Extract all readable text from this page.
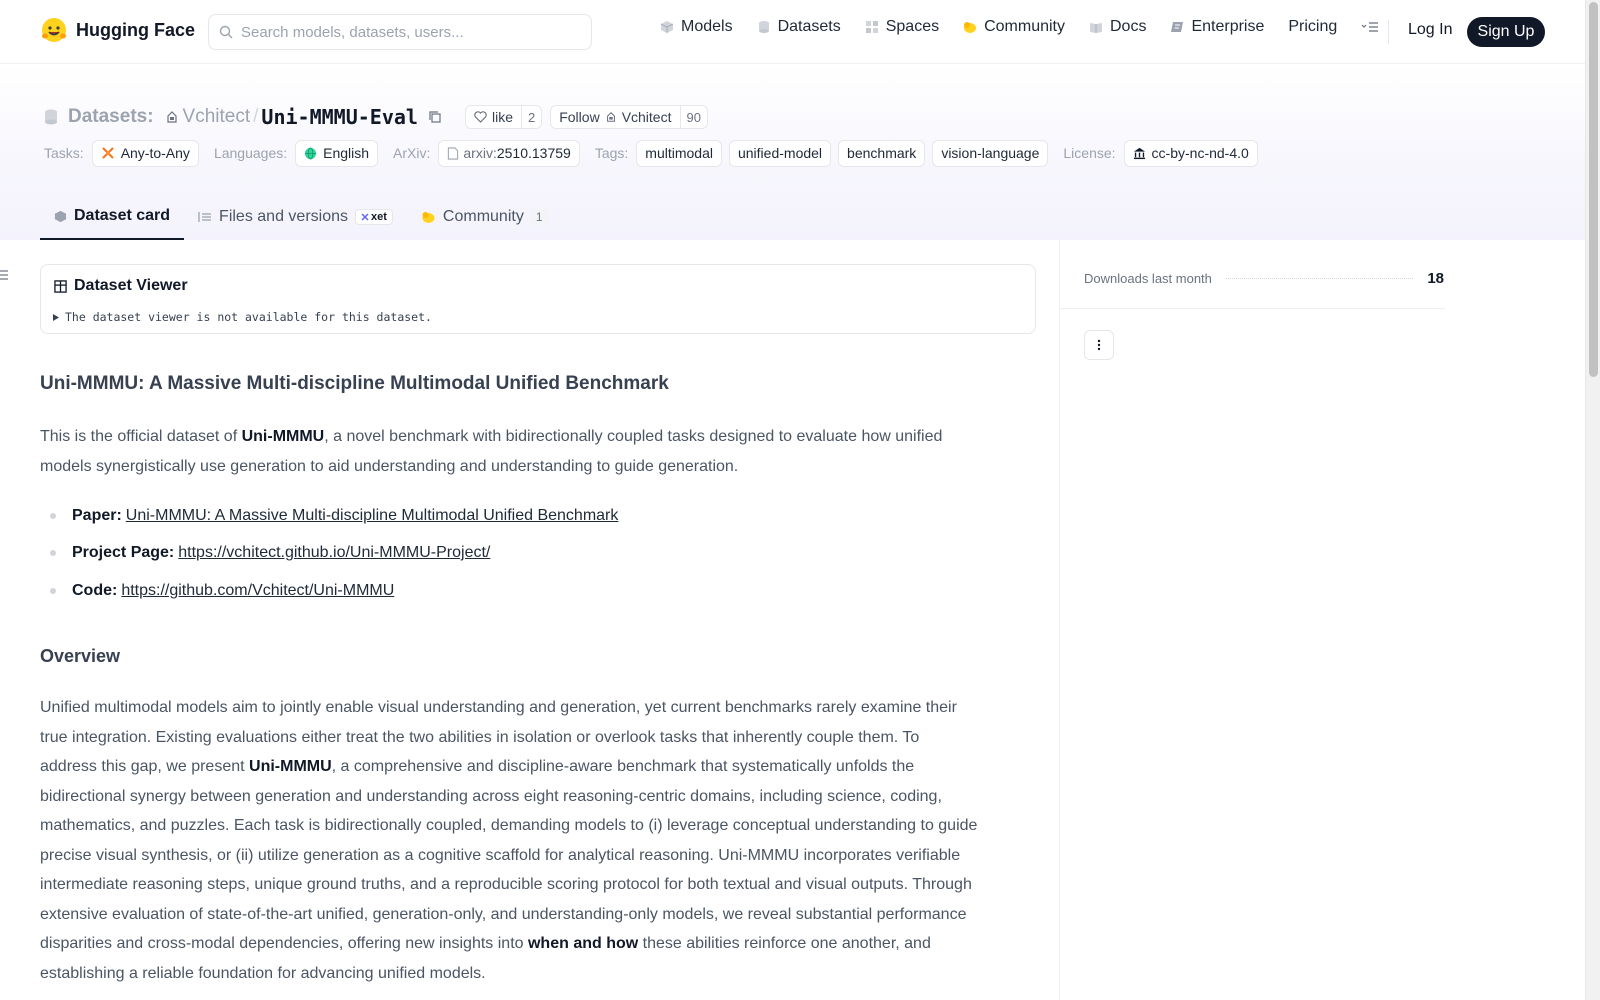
Hugging Face
Search models, datasets, users...	Models	Datasets	Spaces	Community	Docs	Enterprise Pricing	Log In	Sign Up
Datasets: Vchitect / Uni-MMMU-Eval	like	2	Follow Vchitect	90
Tasks:	Any-to-Any Languages:	English ArXiv: arxiv: 2510.13759 Tags:	multimodal	unified-model	benchmark	vision-language	License:	cc-by-nc-nd-4.0
Dataset card	Files and versions xet	Community	1
Dataset Viewer
The dataset viewer is not available for this dataset.
Uni-MMMU: A Massive Multi-discipline Multimodal Unified Benchmark
This is the official dataset of Uni-MMMU, a novel benchmark with bidirectionally coupled tasks designed to evaluate how unified models synergistically use generation to aid understanding and understanding to guide generation.
Paper: Uni-MMMU: A Massive Multi-discipline Multimodal Unified Benchmark
Project Page: https://vchitect.github.io/Uni-MMMU-Project/
Code: https://github.com/Vchitect/Uni-MMMU
Overview
Unified multimodal models aim to jointly enable visual understanding and generation, yet current benchmarks rarely examine their true integration. Existing evaluations either treat the two abilities in isolation or overlook tasks that inherently couple them. To address this gap, we present Uni-MMMU, a comprehensive and discipline-aware benchmark that systematically unfolds the bidirectional synergy between generation and understanding across eight reasoning-centric domains, including science, coding, mathematics, and puzzles. Each task is bidirectionally coupled, demanding models to (i) leverage conceptual understanding to guide precise visual synthesis, or (ii) utilize generation as a cognitive scaffold for analytical reasoning. Uni-MMMU incorporates verifiable intermediate reasoning steps, unique ground truths, and a reproducible scoring protocol for both textual and visual outputs. Through extensive evaluation of state-of-the-art unified, generation-only, and understanding-only models, we reveal substantial performance disparities and cross-modal dependencies, offering new insights into when and how these abilities reinforce one another, and establishing a reliable foundation for advancing unified models.
Downloads last month	18
